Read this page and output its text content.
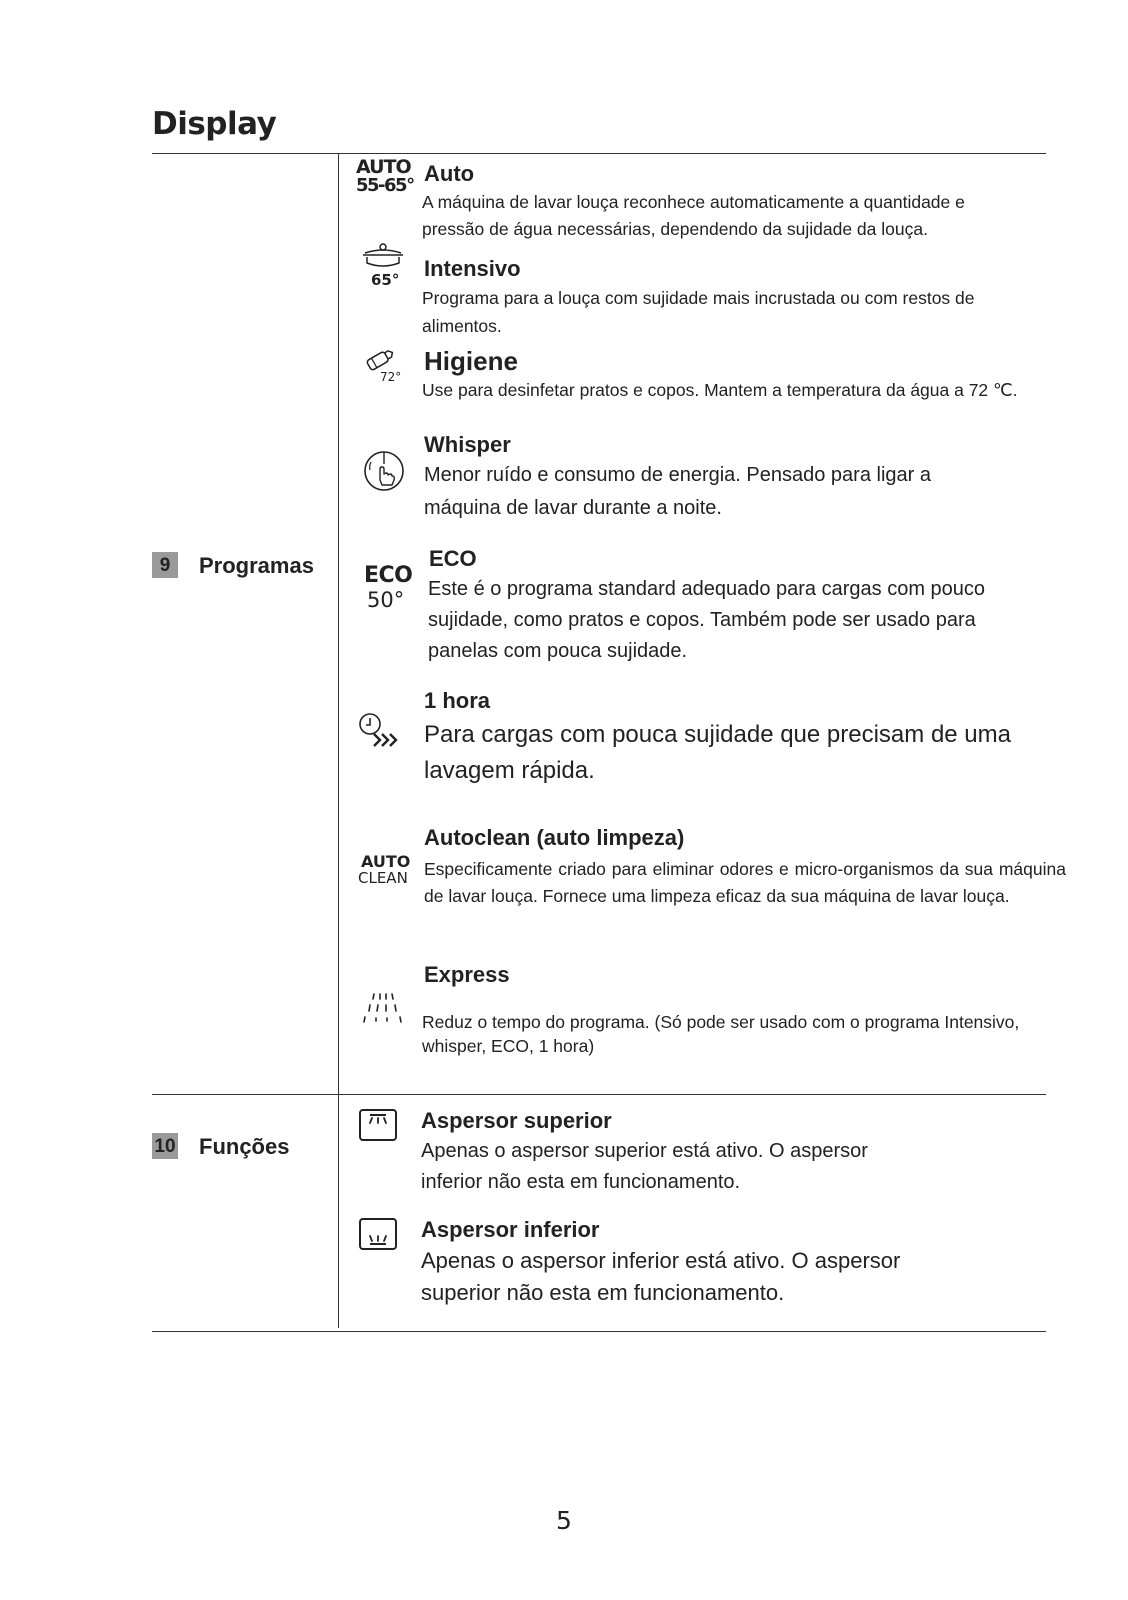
Display
9	Programas
10 Funções
AUTO
55-65° Auto
A máquina de lavar louça reconhece automaticamente a quantidade e pressão de água necessárias, dependendo da sujidade da louça.
65° Intensivo
Programa para a louça com sujidade mais incrustada ou com restos de alimentos.
72°
Higiene
Use para desinfetar pratos e copos. Mantem a temperatura da água a 72 ℃.
Whisper
Menor ruído e consumo de energia. Pensado para ligar a máquina de lavar durante a noite.
ECO
50°
ECO
Este é o programa standard adequado para cargas com pouco sujidade, como pratos e copos. Também pode ser usado para panelas com pouca sujidade.
1 hora
Para cargas com pouca sujidade que precisam de uma lavagem rápida.
AUTO
CLEAN
Autoclean (auto limpeza)
Especificamente criado para eliminar odores e micro-organismos da sua máquina de lavar louça. Fornece uma limpeza eficaz da sua máquina de lavar louça.
Express
Reduz o tempo do programa. (Só pode ser usado com o programa Intensivo, whisper, ECO, 1 hora)
Aspersor superior
Apenas o aspersor superior está ativo. O aspersor inferior não esta em funcionamento.
Aspersor inferior
Apenas o aspersor inferior está ativo. O aspersor superior não esta em funcionamento.
5
